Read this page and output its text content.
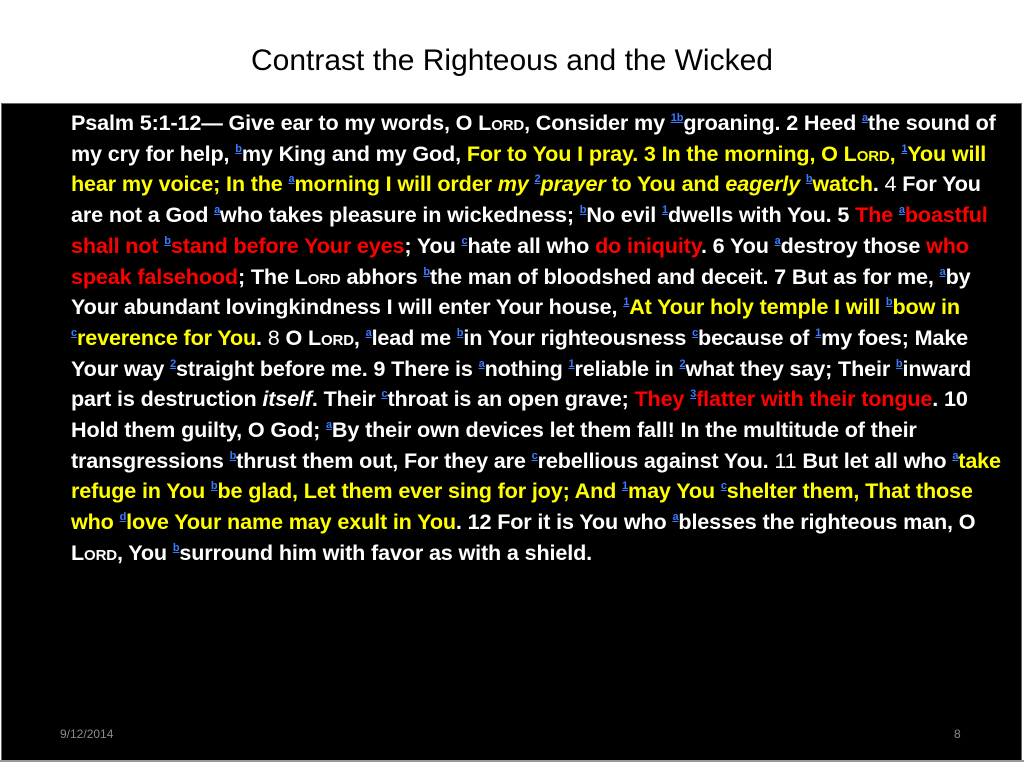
Contrast the Righteous and the Wicked
Psalm 5:1-12— Give ear to my words, O Lord, Consider my $^{1b}$groaning. 2 Heed $^a$the sound of my cry for help, $^b$my King and my God, For to You I pray. 3 In the morning, O Lord, $^1$You will hear my voice; In the $^a$morning I will order my $^2$prayer to You and eagerly $^b$watch. 4 For You are not a God $^a$who takes pleasure in wickedness; $^b$No evil $^1$dwells with You. 5 The $^a$boastful shall not $^b$stand before Your eyes; You $^c$hate all who do iniquity. 6 You $^a$destroy those who speak falsehood; The Lord abhors $^b$the man of bloodshed and deceit. 7 But as for me, $^a$by Your abundant lovingkindness I will enter Your house, $^1$At Your holy temple I will $^b$bow in $^c$reverence for You. 8 O Lord, $^a$lead me $^b$in Your righteousness $^c$because of $^1$my foes; Make Your way $^2$straight before me. 9 There is $^a$nothing $^1$reliable in $^2$what they say; Their $^b$inward part is destruction itself. Their $^c$throat is an open grave; They $^3$flatter with their tongue. 10 Hold them guilty, O God; $^a$By their own devices let them fall! In the multitude of their transgressions $^b$thrust them out, For they are $^c$rebellious against You. 11 But let all who $^a$take refuge in You $^b$be glad, Let them ever sing for joy; And $^1$may You $^c$shelter them, That those who $^d$love Your name may exult in You. 12 For it is You who $^a$blesses the righteous man, O Lord, You $^b$surround him with favor as with a shield.
9/12/2014	8
